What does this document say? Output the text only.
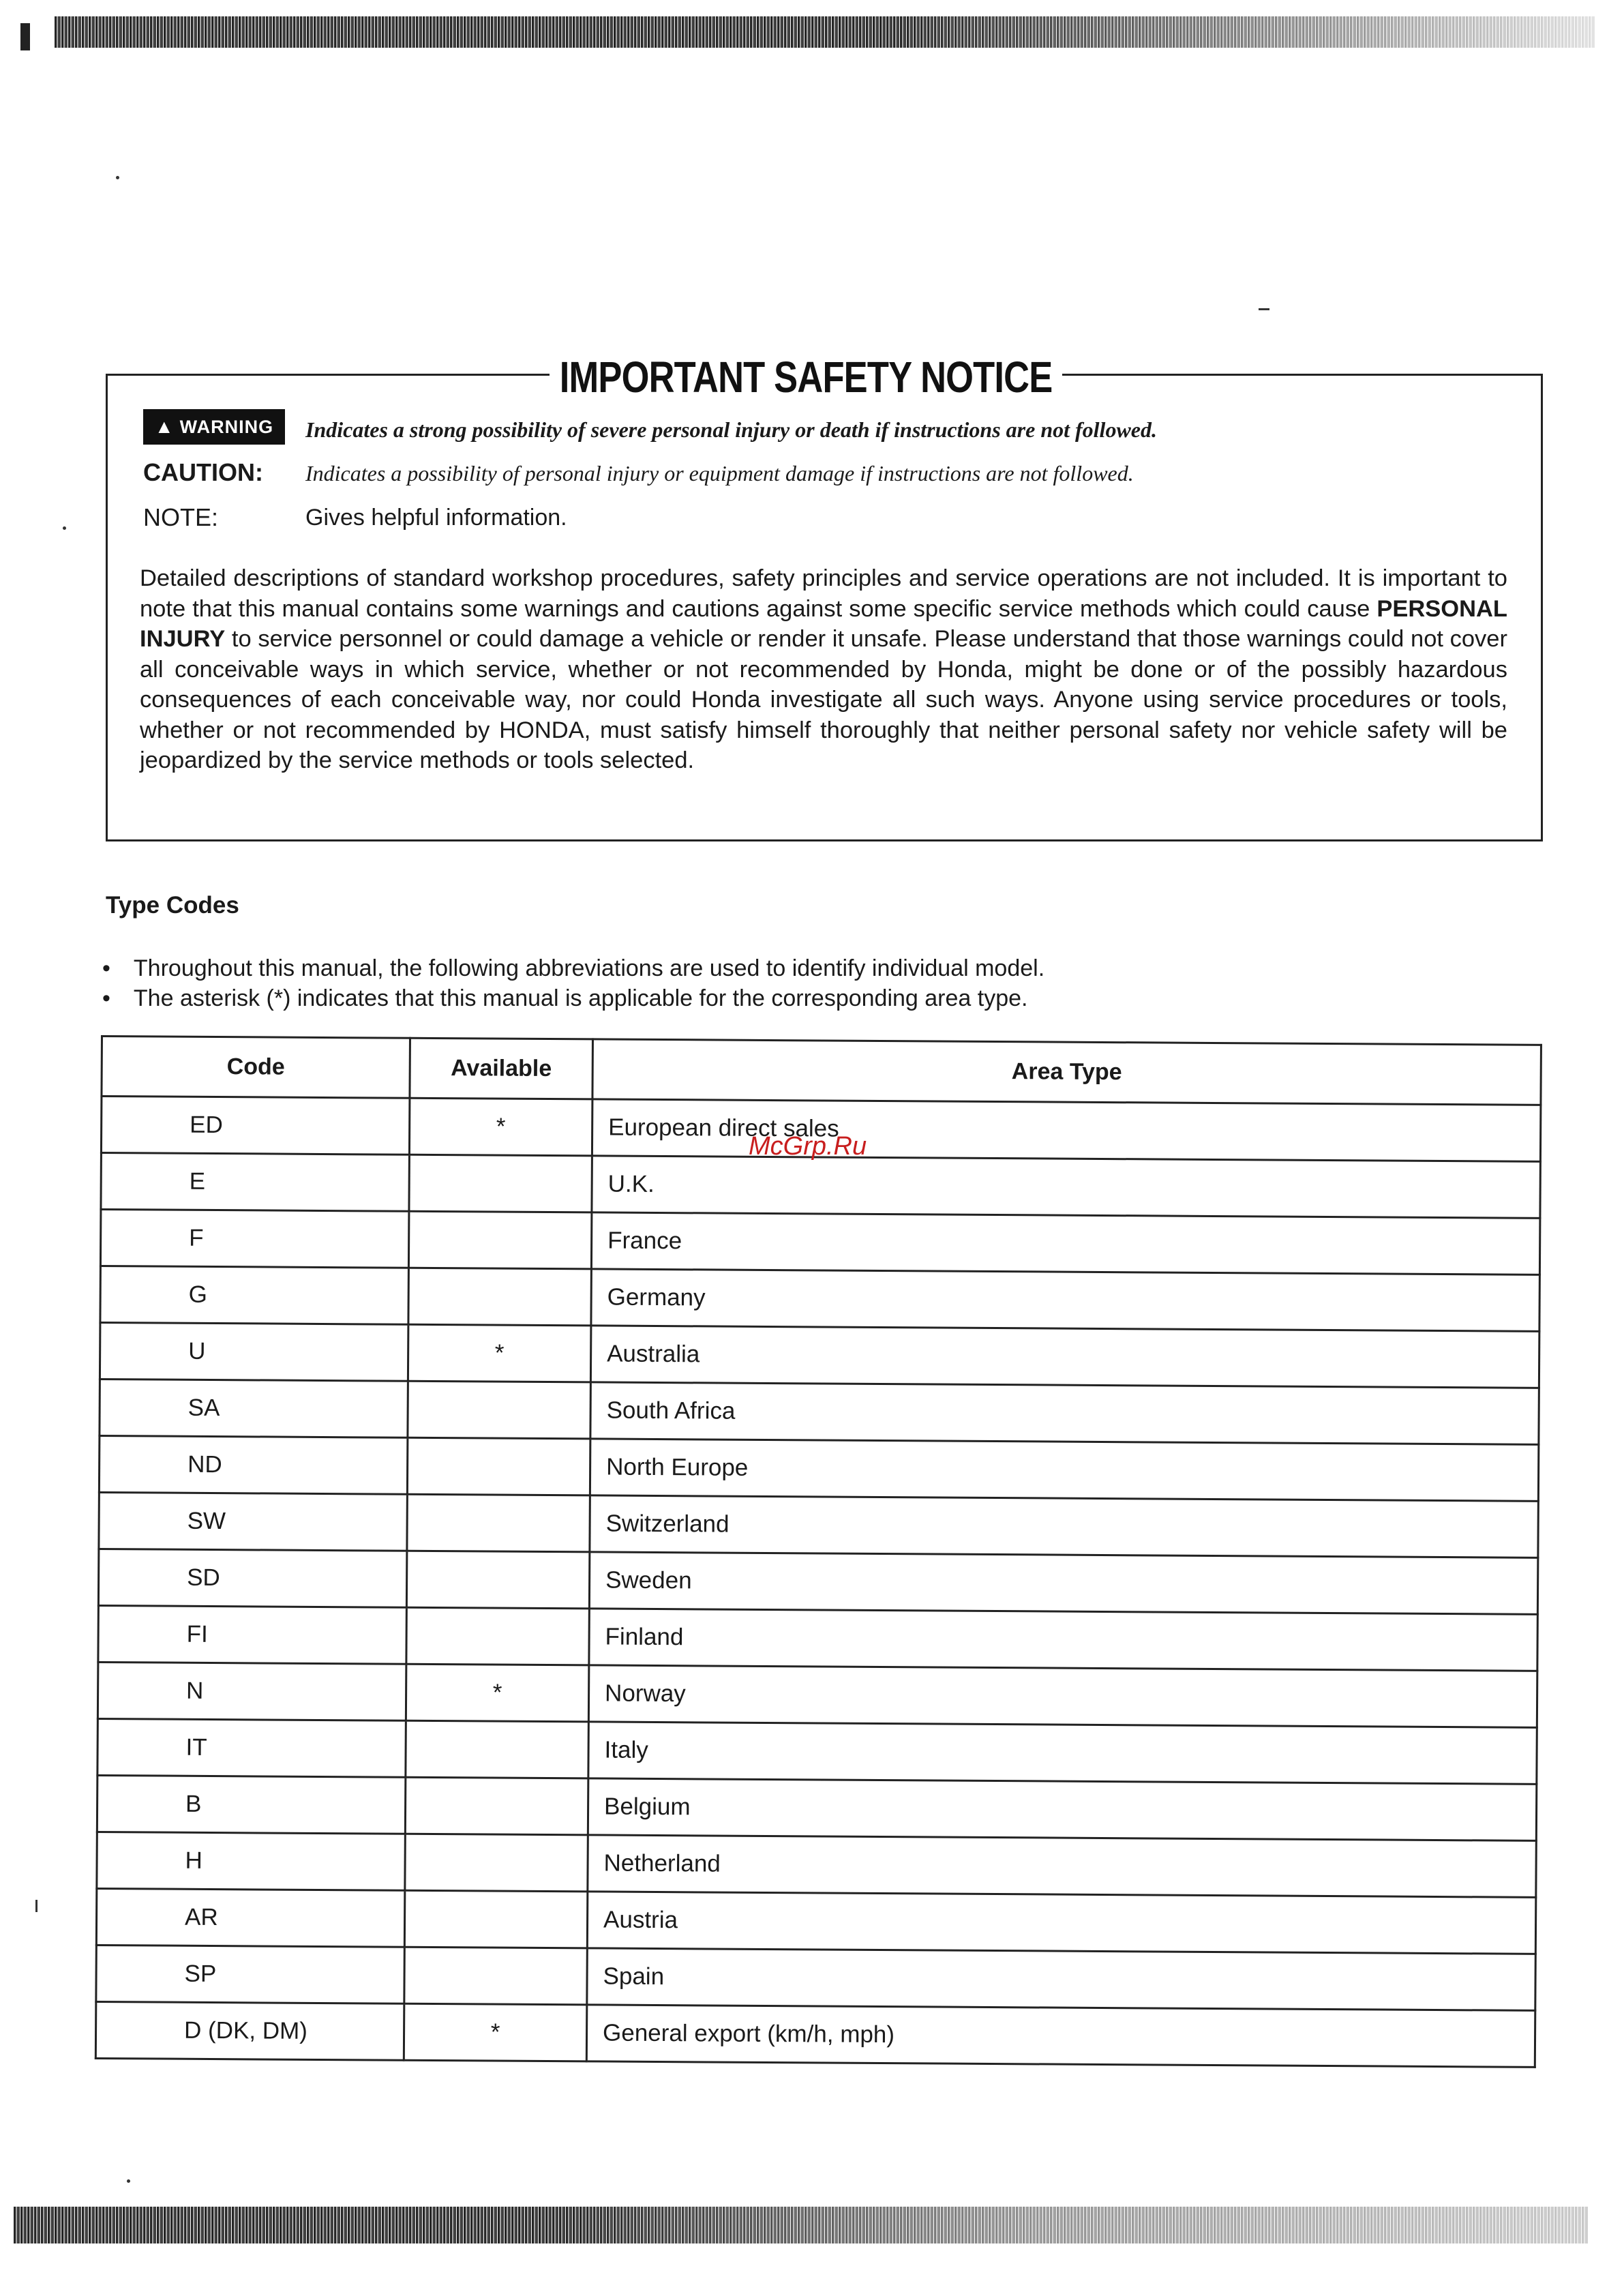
IMPORTANT SAFETY NOTICE
▲ WARNING Indicates a strong possibility of severe personal injury or death if instructions are not followed.
CAUTION: Indicates a possibility of personal injury or equipment damage if instructions are not followed.
NOTE:	Gives helpful information.
Detailed descriptions of standard workshop procedures, safety principles and service operations are not included. It is important to note that this manual contains some warnings and cautions against some specific service methods which could cause PERSONAL INJURY to service personnel or could damage a vehicle or render it unsafe. Please understand that those warnings could not cover all conceivable ways in which service, whether or not recommended by Honda, might be done or of the possibly hazardous consequences of each conceivable way, nor could Honda investigate all such ways. Anyone using service procedures or tools, whether or not recommended by HONDA, must satisfy himself thoroughly that neither personal safety nor vehicle safety will be jeopardized by the service methods or tools selected.
Type Codes
• Throughout this manual, the following abbreviations are used to identify individual model.
• The asterisk (*) indicates that this manual is applicable for the corresponding area type.
Code	Available	Area Type
ED	*	European direct sales
E		U.K.
F		France
G		Germany
U	*	Australia
SA		South Africa
ND		North Europe
SW		Switzerland
SD		Sweden
FI		Finland
N	*	Norway
IT		Italy
B		Belgium
H		Netherland
AR		Austria
SP		Spain
D (DK, DM)	*	General export (km/h, mph)
McGrp.Ru
